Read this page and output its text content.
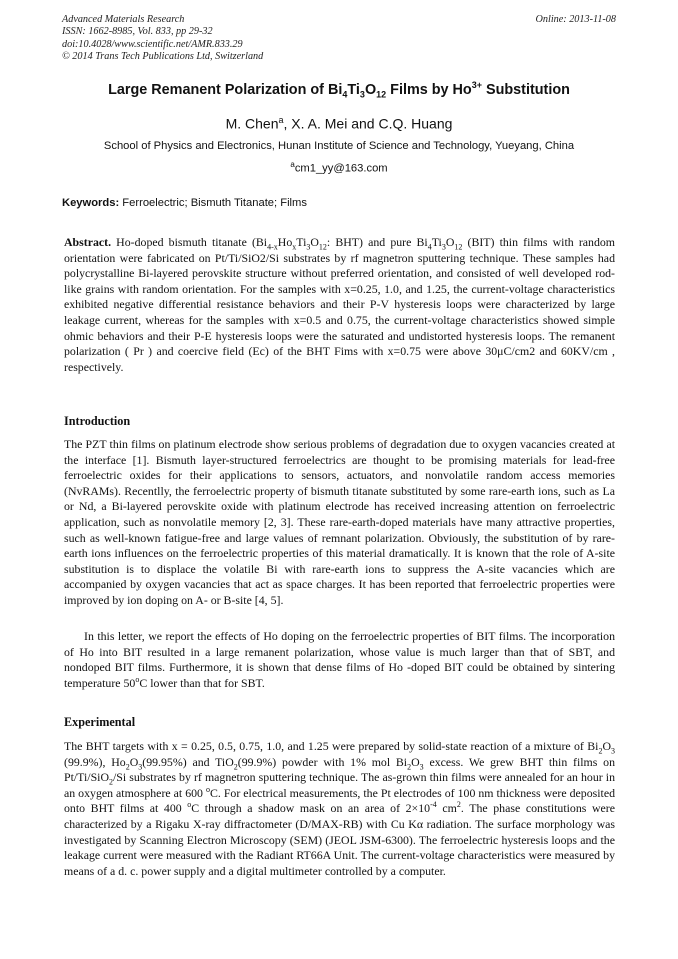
Advanced Materials Research
ISSN: 1662-8985, Vol. 833, pp 29-32
doi:10.4028/www.scientific.net/AMR.833.29
© 2014 Trans Tech Publications Ltd, Switzerland
Online: 2013-11-08
Large Remanent Polarization of $Bi_4Ti_3O_{12}$ Films by $Ho^{3+}$ Substitution
M. Chen$^a$, X. A. Mei and C.Q. Huang
School of Physics and Electronics, Hunan Institute of Science and Technology, Yueyang, China
$^a$cm1_yy@163.com
Keywords: Ferroelectric; Bismuth Titanate; Films

Abstract. Ho-doped bismuth titanate ($Bi_{4-x}Ho_xTi_3O_{12}$: BHT) and pure $Bi_4Ti_3O_{12}$ (BIT) thin films with random orientation were fabricated on Pt/Ti/SiO2/Si substrates by rf magnetron sputtering technique. These samples had polycrystalline Bi-layered perovskite structure without preferred orientation, and consisted of well developed rod-like grains with random orientation. For the samples with x=0.25, 1.0, and 1.25, the current-voltage characteristics exhibited negative differential resistance behaviors and their P-V hysteresis loops were characterized by large leakage current, whereas for the samples with x=0.5 and 0.75, the current-voltage characteristics showed simple ohmic behaviors and their P-E hysteresis loops were the saturated and undistorted hysteresis loops. The remanent polarization ( Pr ) and coercive field (Ec) of the BHT Fims with x=0.75 were above 30μC/cm2 and 60KV/cm , respectively.

Introduction

The PZT thin films on platinum electrode show serious problems of degradation due to oxygen vacancies created at the interface [1]. Bismuth layer-structured ferroelectrics are thought to be promising materials for lead-free ferroelectric oxides for their applications to sensors, actuators, and nonvolatile random access memories (NvRAMs). Recentlly, the ferroelectric property of bismuth titanate substituted by some rare-earth ions, such as La or Nd, a Bi-layered perovskite oxide with platinum electrode has received increasing attention on ferroelectric application, such as nonvolatile memory [2, 3]. These rare-earth-doped materials have many attractive properties, such as well-known fatigue-free and large values of remnant polarization. Obviously, the substitution of by rare-earth ions influences on the ferroelectric properties of this material dramatically. It is known that the role of A-site substitution is to displace the volatile Bi with rare-earth ions to suppress the A-site vacancies which are accompanied by oxygen vacancies that act as space charges. It has been reported that ferroelectric properties were improved by ion doping on A- or B-site [4, 5].

In this letter, we report the effects of Ho doping on the ferroelectric properties of BIT films. The incorporation of Ho into BIT resulted in a large remanent polarization, whose value is much larger than that of SBT, and nondoped BIT films. Furthermore, it is shown that dense films of Ho -doped BIT could be obtained by sintering temperature 50$^o$C lower than that for SBT.

Experimental

The BHT targets with x = 0.25, 0.5, 0.75, 1.0, and 1.25 were prepared by solid-state reaction of a mixture of $Bi_2O_3$ (99.9%), $Ho_2O_3(99.95\%)$ and TiO$_2$(99.9%) powder with 1% mol $Bi_2O_3$ excess. We grew BHT thin films on Pt/Ti/SiO$_2$/Si substrates by rf magnetron sputtering technique. The as-grown thin films were annealed for an hour in an oxygen atmosphere at 600 $^o$C. For electrical measurements, the Pt electrodes of 100 nm thickness were deposited onto BHT films at 400 $^o$C through a shadow mask on an area of $2\times 10^{-4}$ $cm^2$. The phase constitutions were characterized by a Rigaku X-ray diffractometer (D/MAX-RB) with Cu Kα radiation. The surface morphology was investigated by Scanning Electron Microscopy (SEM) (JEOL JSM-6300). The ferroelectric hysteresis loops and the leakage current were measured with the Radiant RT66A Unit. The current-voltage characteristics were measured by means of a d. c. power supply and a digital multimeter controlled by a computer.
